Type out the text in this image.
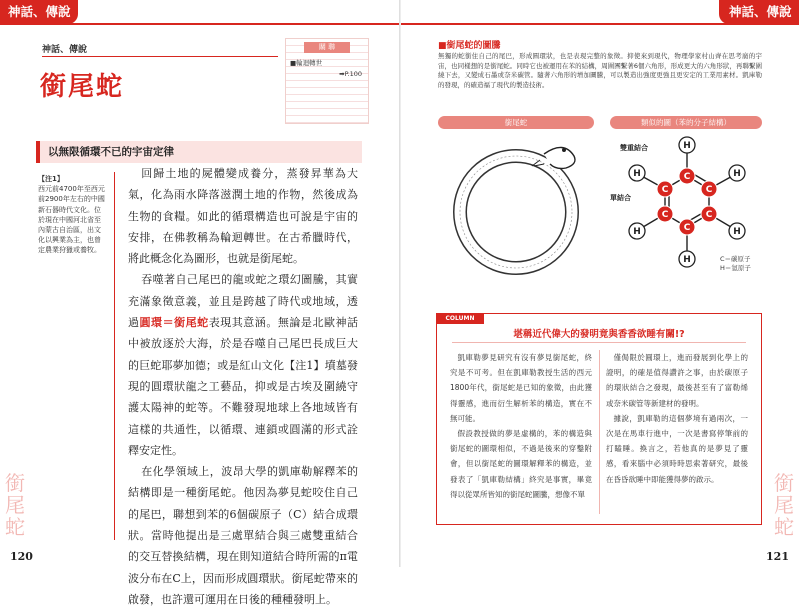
神話、傳說
神話、傳說
銜尾蛇
關 聯
■輪迴轉世
➡P.100
以無限循環不已的宇宙定律
【注1】
西元前4700年至西元前2900年左右的中國新石器時代文化。位於現在中國河北省至內蒙古自治區，出文化以興業為主，也曾定農業狩獵或養牧。

回歸土地的屍體變成養分，蒸發昇華為大氣，化為雨水降落滋潤土地的作物，然後成為生物的食糧。如此的循環構造也可說是宇宙的安排，在佛教稱為輪迴轉世。在古希臘時代，將此概念化為圖形，也就是銜尾蛇。

吞噬著自己尾巴的龍或蛇之環幻圖騰，其實充滿象徵意義，並且是跨越了時代或地域，透過圓環＝銜尾蛇表現其意涵。無論是北歐神話中被放逐於大海，於是吞噬自己尾巴長成巨大的巨蛇耶夢加德；或是紅山文化【注1】墳墓發現的圓環狀龍之工藝品，抑或是古埃及圍繞守護太陽神的蛇等。不難發現地球上各地域皆有這樣的共通性，以循環、連鎖或圓滿的形式詮釋安定性。

在化學領域上，波昂大學的凱庫勒解釋苯的結構即是一種銜尾蛇。他因為夢見蛇咬住自己的尾巴，聯想到苯的6個碳原子（C）結合成環狀。當時他提出是三處單結合與三處雙重結合的交互替換結構，現在則知道結合時所需的π電波分布在C上，因而形成圓環狀。銜尾蛇帶來的啟發，也許還可運用在日後的種種發明上。

銜
尾
蛇
120
神話、傳說
■銜尾蛇的圖騰
無獨的蛇銜住自己的尾巴，形成圓環狀，也是表現完整的象徵。抑使來到現代，物理學家村山齊在思考廣的宇宙，也同樣想的是銜尾蛇。同時它也被運用在苯的結構，周圍團繫著6個六角形，形成更大的六角形狀，再聯繫圍繞下去，又變成石墨或奈米碳管。隨著六角形的增加圖騰，可以製造出強度更強且更安定的工業用素材。凱庫勒的發現，的確造福了現代的製造技術。
銜尾蛇	類似的圖（苯的分子結構）
雙重結合
單結合
C
C
C
C
C
C
H
H
H
H
H
H
C＝碳原子
H＝氫原子
COLUMN
堪稱近代偉大的發明竟與香香欲睡有關!?

凱庫勒夢見研究有沒有夢見銜尾蛇，終究是不可考。但在凱庫勒教授生活的西元1800年代，銜尾蛇是已知的象徵，由此獲得靈感，進而衍生解析苯的構造，實在不無可能。

假設教授做的夢是虛構的，苯的構造與銜尾蛇的圖環相似，不過是後來的穿鑿附會，但以銜尾蛇的圖環解釋苯的構造，並發表了「凱庫勒結構」終究是事實，畢竟得以從眾所皆知的銜尾蛇圖騰，想像不單

僅侷限於圓環上，進而發展到化學上的證明，的確是值得讚許之事，由於碳原子的環狀結合之發現，最後甚至有了富勒烯或奈米碳管等新建材的發明。

據說，凱庫勒的這個夢境有過兩次，一次是在馬車行進中，一次是書寫停筆前的打瞌睡。換言之，若他真的是夢見了靈感，看來腦中必須時時思索著研究，最後在昏昏欲睡中即能獲得夢的啟示。	銜
尾
蛇
121
